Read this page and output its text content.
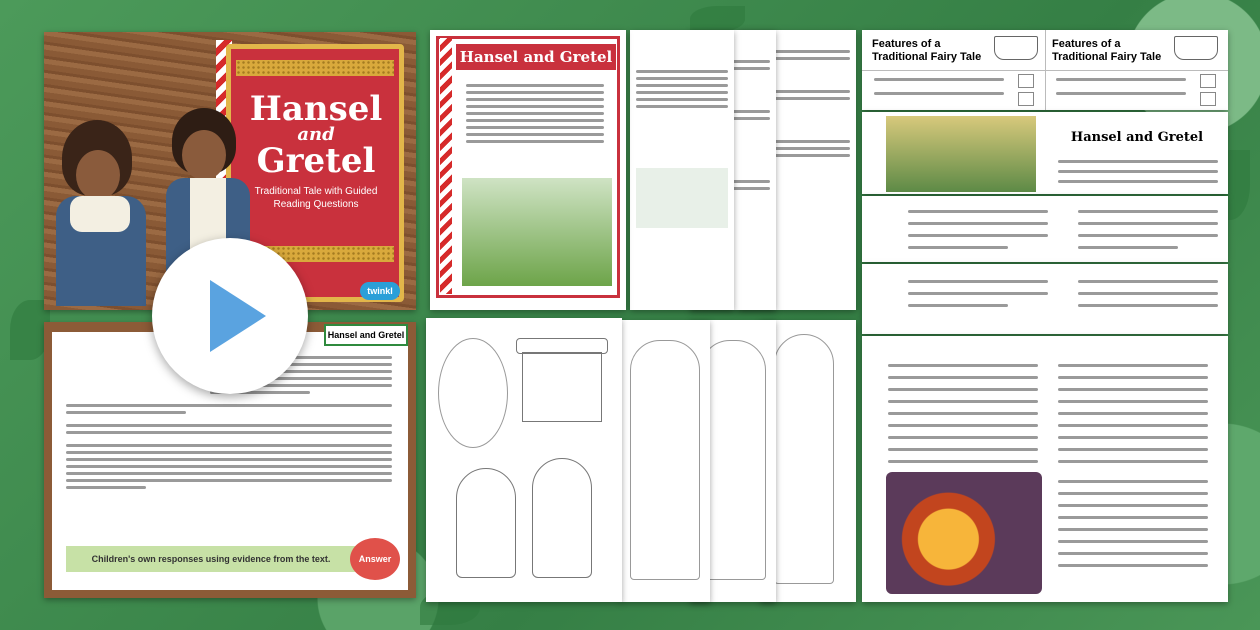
Hansel
and
Gretel
Traditional Tale with Guided Reading Questions
twinkl
Hansel and Gretel
Children's own responses using evidence from the text.	Answer
Hansel and Gretel
Features of a Traditional Fairy Tale
Features of a Traditional Fairy Tale
Hansel and Gretel
